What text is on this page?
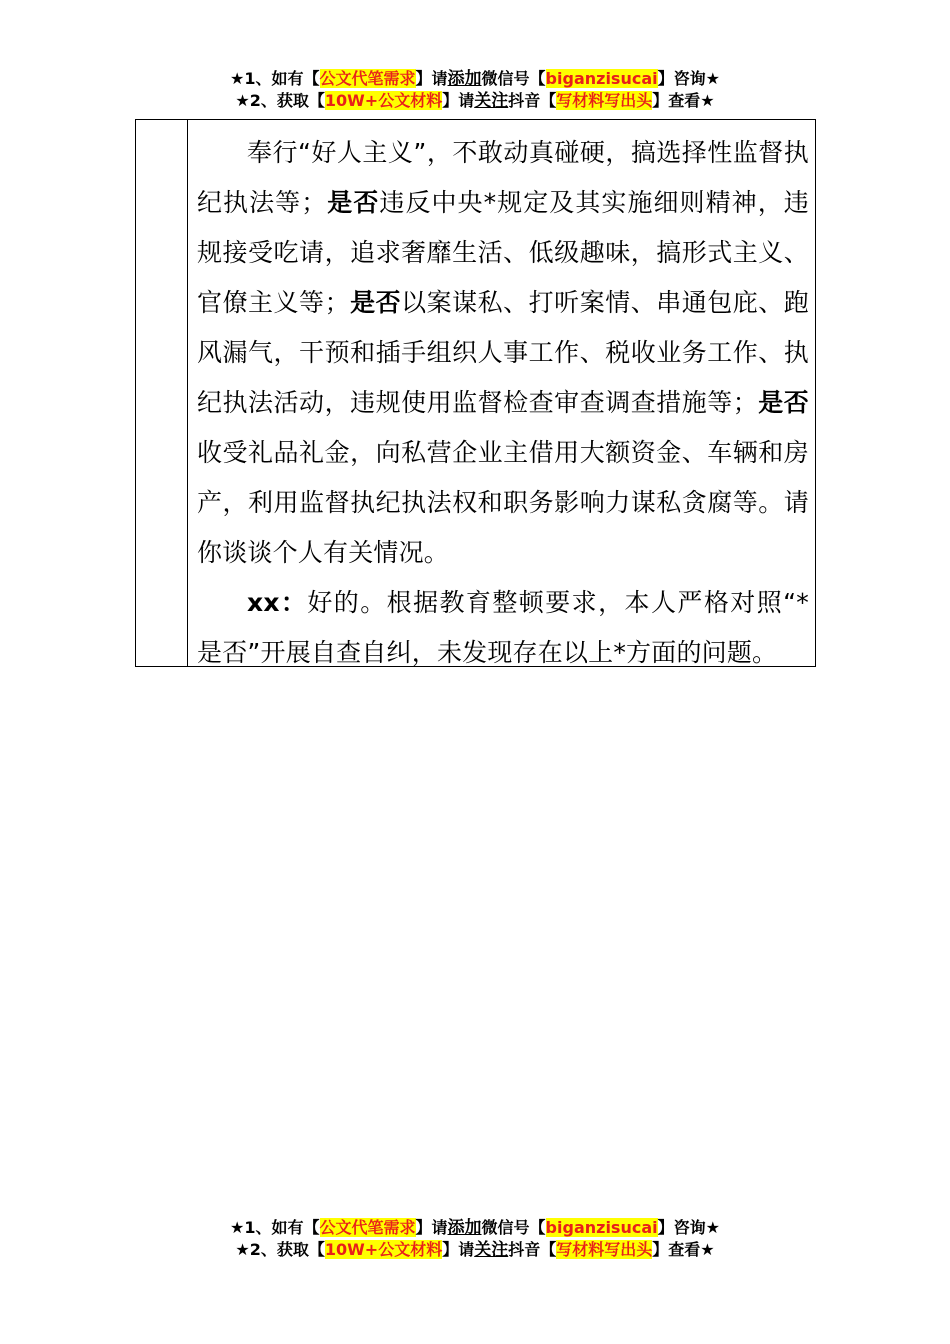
★1、如有【公文代笔需求】请添加微信号【biganzisucai】咨询★
★2、获取【10W+公文材料】请关注抖音【写材料写出头】查看★

奉行“好人主义”，不敢动真碰硬，搞选择性监督执纪执法等；是否违反中央*规定及其实施细则精神，违规接受吃请，追求奢靡生活、低级趣味，搞形式主义、官僚主义等；是否以案谋私、打听案情、串通包庇、跑风漏气，干预和插手组织人事工作、税收业务工作、执纪执法活动，违规使用监督检查审查调查措施等；是否收受礼品礼金，向私营企业主借用大额资金、车辆和房产，利用监督执纪执法权和职务影响力谋私贪腐等。请你谈谈个人有关情况。

xx：好的。根据教育整顿要求，本人严格对照“*是否”开展自查自纠，未发现存在以上*方面的问题。

★1、如有【公文代笔需求】请添加微信号【biganzisucai】咨询★
★2、获取【10W+公文材料】请关注抖音【写材料写出头】查看★
